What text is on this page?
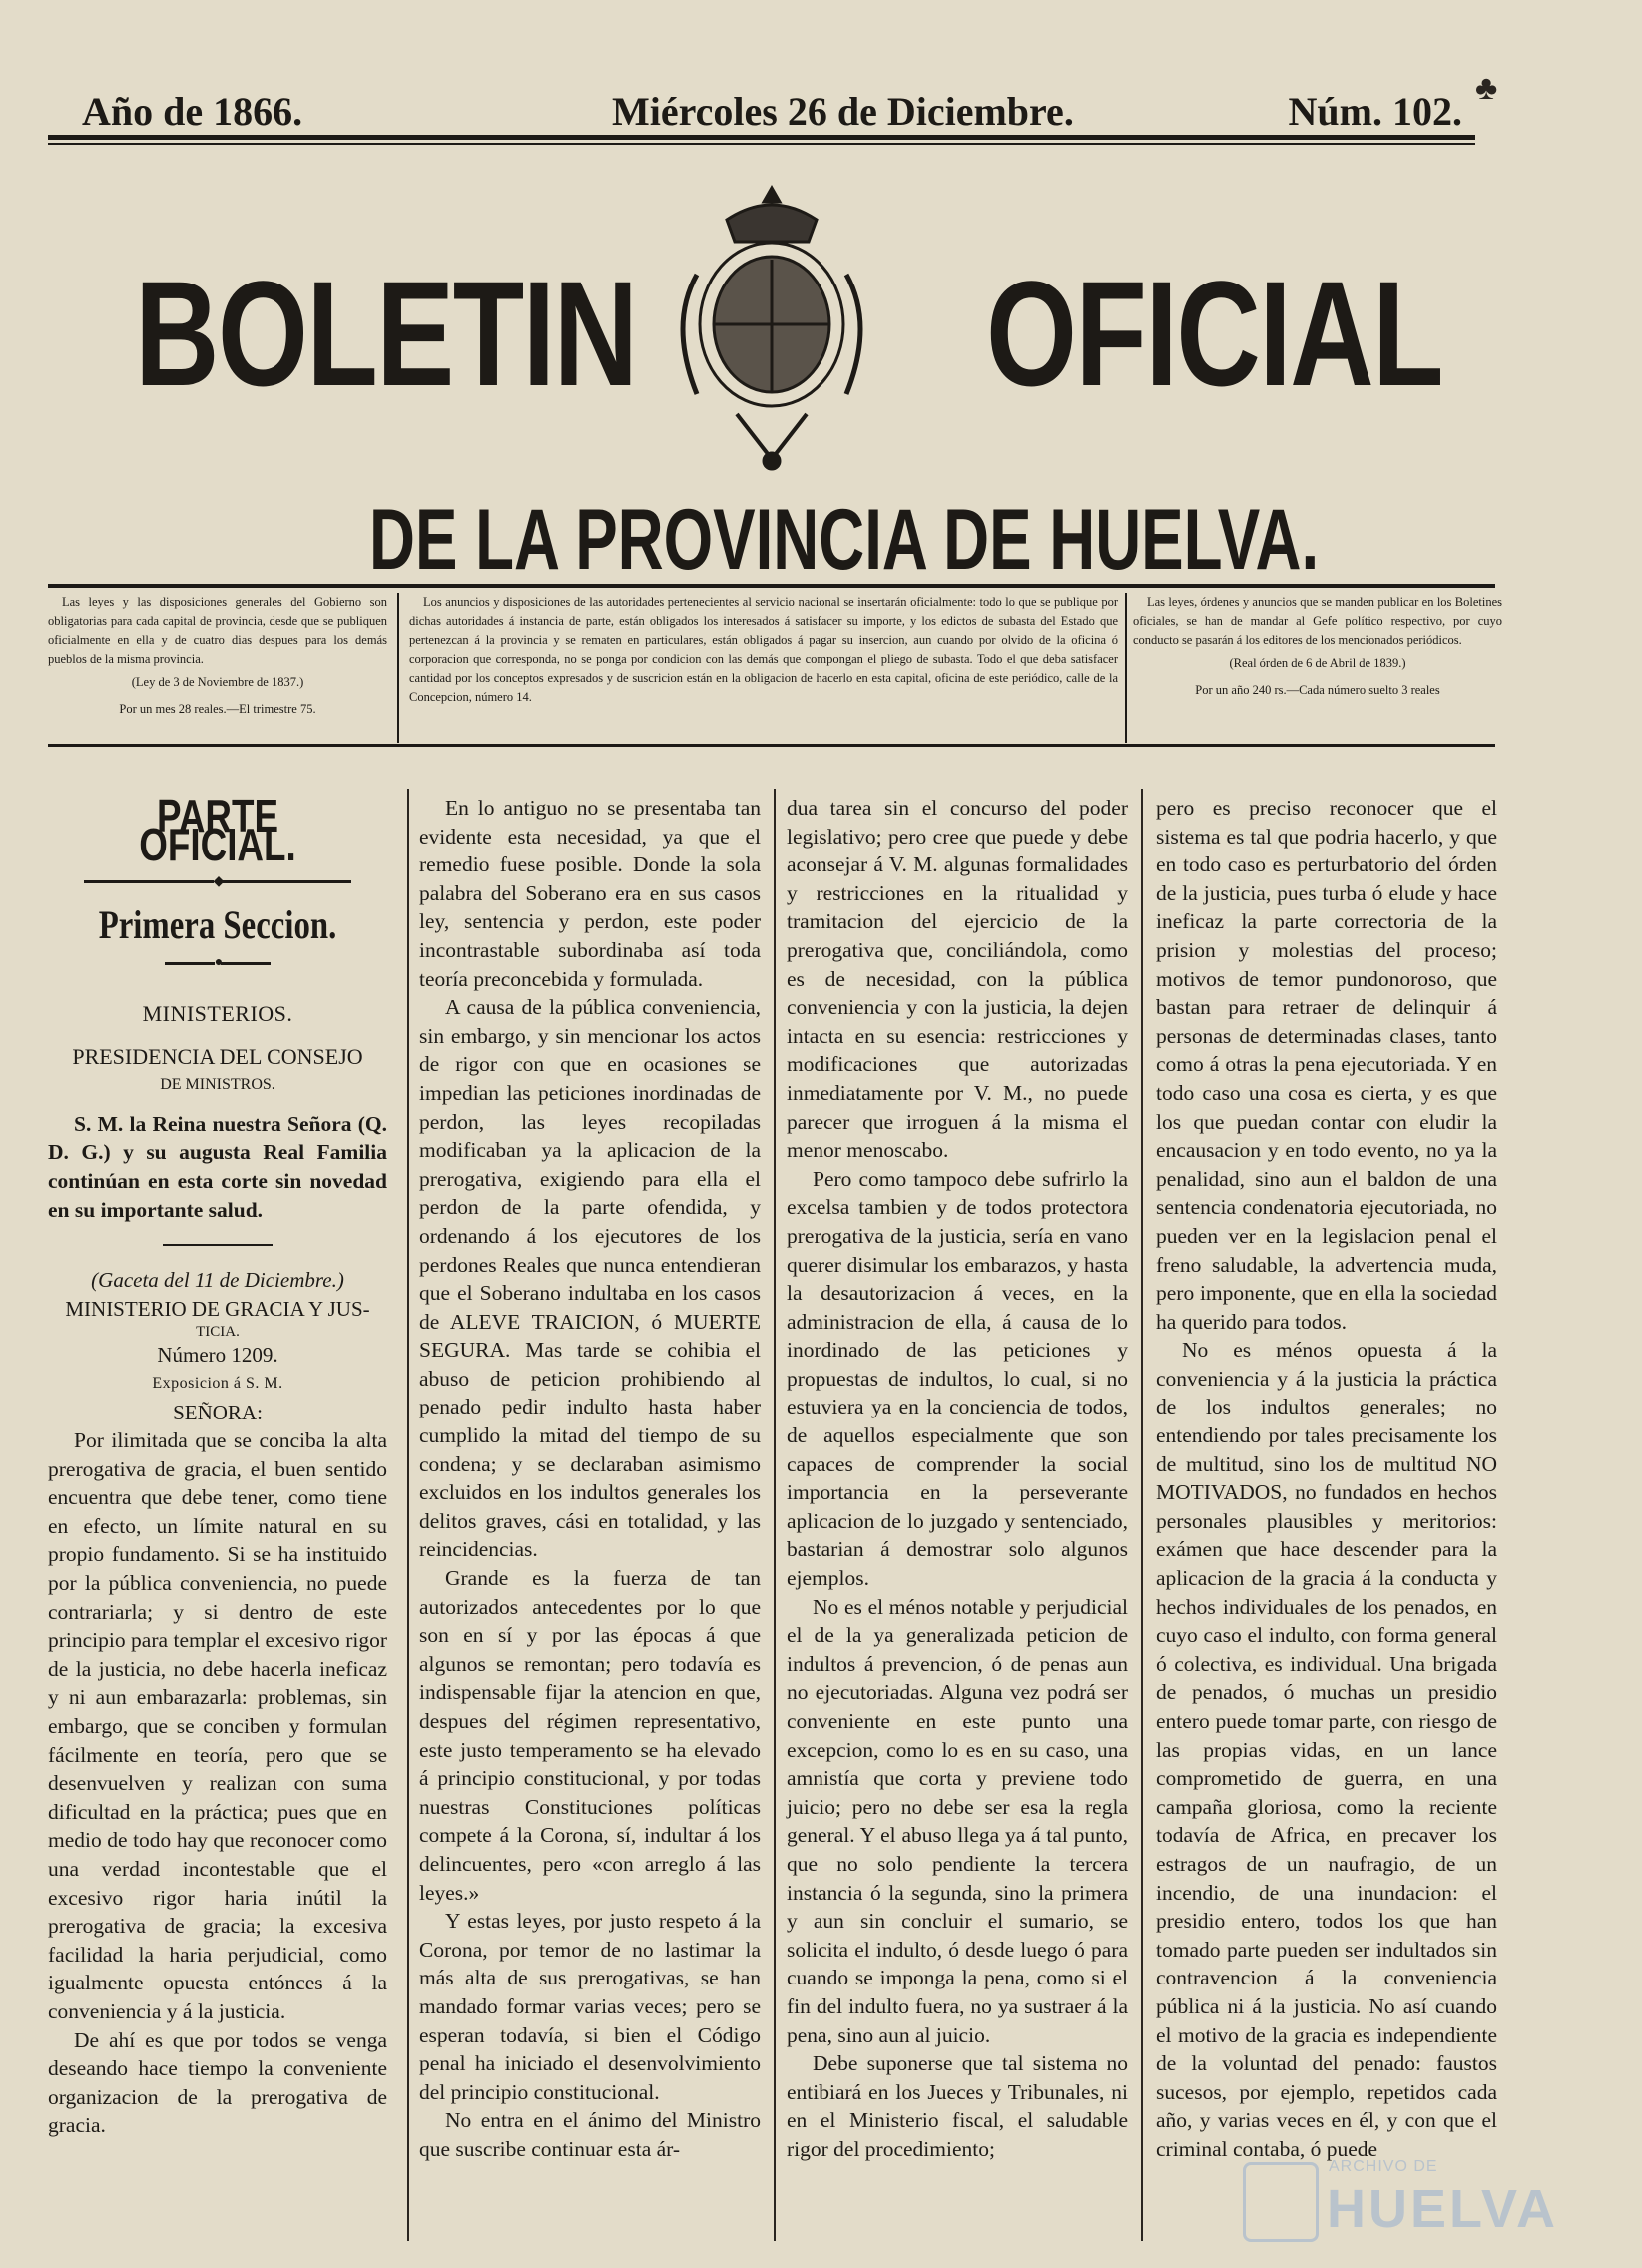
Año de 1866.	Miércoles 26 de Diciembre.	Núm. 102.
♣
BOLETIN OFICIAL
DE LA PROVINCIA DE HUELVA.

Las leyes y las disposiciones generales del Gobierno son obligatorias para cada capital de provincia, desde que se publiquen oficialmente en ella y de cuatro dias despues para los demás pueblos de la misma provincia.

(Ley de 3 de Noviembre de 1837.)

Por un mes 28 reales.—El trimestre 75.

Los anuncios y disposiciones de las autoridades pertenecientes al servicio nacional se insertarán oficialmente: todo lo que se publique por dichas autoridades á instancia de parte, están obligados los interesados á satisfacer su importe, y los edictos de subasta del Estado que pertenezcan á la provincia y se rematen en particulares, están obligados á pagar su insercion, aun cuando por olvido de la oficina ó corporacion que corresponda, no se ponga por condicion con las demás que compongan el pliego de subasta. Todo el que deba satisfacer cantidad por los conceptos expresados y de suscricion están en la obligacion de hacerlo en esta capital, oficina de este periódico, calle de la Concepcion, número 14.

Las leyes, órdenes y anuncios que se manden publicar en los Boletines oficiales, se han de mandar al Gefe político respectivo, por cuyo conducto se pasarán á los editores de los mencionados periódicos.

(Real órden de 6 de Abril de 1839.)

Por un año 240 rs.—Cada número suelto 3 reales

PARTE OFICIAL.
◆
Primera Seccion.
●
MINISTERIOS.

PRESIDENCIA DEL CONSEJO

DE MINISTROS.

S. M. la Reina nuestra Señora (Q. D. G.) y su augusta Real Familia continúan en esta corte sin novedad en su importante salud.

(Gaceta del 11 de Diciembre.)

MINISTERIO DE GRACIA Y JUS-
TICIA.

Número 1209.

Exposicion á S. M.

SEÑORA:

Por ilimitada que se conciba la alta prerogativa de gracia, el buen sentido encuentra que debe tener, como tiene en efecto, un límite natural en su propio fundamento. Si se ha instituido por la pública conveniencia, no puede contrariarla; y si dentro de este principio para templar el excesivo rigor de la justicia, no debe hacerla ineficaz y ni aun embarazarla: problemas, sin embargo, que se conciben y formulan fácilmente en teoría, pero que se desenvuelven y realizan con suma dificultad en la práctica; pues que en medio de todo hay que reconocer como una verdad incontestable que el excesivo rigor haria inútil la prerogativa de gracia; la excesiva facilidad la haria perjudicial, como igualmente opuesta entónces á la conveniencia y á la justicia.

De ahí es que por todos se venga deseando hace tiempo la conveniente organizacion de la prerogativa de gracia.

En lo antiguo no se presentaba tan evidente esta necesidad, ya que el remedio fuese posible. Donde la sola palabra del Soberano era en sus casos ley, sentencia y perdon, este poder incontrastable subordinaba así toda teoría preconcebida y formulada.

A causa de la pública conveniencia, sin embargo, y sin mencionar los actos de rigor con que en ocasiones se impedian las peticiones inordinadas de perdon, las leyes recopiladas modificaban ya la aplicacion de la prerogativa, exigiendo para ella el perdon de la parte ofendida, y ordenando á los ejecutores de los perdones Reales que nunca entendieran que el Soberano indultaba en los casos de ALEVE TRAICION, ó MUERTE SEGURA. Mas tarde se cohibia el abuso de peticion prohibiendo al penado pedir indulto hasta haber cumplido la mitad del tiempo de su condena; y se declaraban asimismo excluidos en los indultos generales los delitos graves, cási en totalidad, y las reincidencias.

Grande es la fuerza de tan autorizados antecedentes por lo que son en sí y por las épocas á que algunos se remontan; pero todavía es indispensable fijar la atencion en que, despues del régimen representativo, este justo temperamento se ha elevado á principio constitucional, y por todas nuestras Constituciones políticas compete á la Corona, sí, indultar á los delincuentes, pero «con arreglo á las leyes.»

Y estas leyes, por justo respeto á la Corona, por temor de no lastimar la más alta de sus prerogativas, se han mandado formar varias veces; pero se esperan todavía, si bien el Código penal ha iniciado el desenvolvimiento del principio constitucional.

No entra en el ánimo del Ministro que suscribe continuar esta ár-

dua tarea sin el concurso del poder legislativo; pero cree que puede y debe aconsejar á V. M. algunas formalidades y restricciones en la ritualidad y tramitacion del ejercicio de la prerogativa que, conciliándola, como es de necesidad, con la pública conveniencia y con la justicia, la dejen intacta en su esencia: restricciones y modificaciones que autorizadas inmediatamente por V. M., no puede parecer que irroguen á la misma el menor menoscabo.

Pero como tampoco debe sufrirlo la excelsa tambien y de todos protectora prerogativa de la justicia, sería en vano querer disimular los embarazos, y hasta la desautorizacion á veces, en la administracion de ella, á causa de lo inordinado de las peticiones y propuestas de indultos, lo cual, si no estuviera ya en la conciencia de todos, de aquellos especialmente que son capaces de comprender la social importancia en la perseverante aplicacion de lo juzgado y sentenciado, bastarian á demostrar solo algunos ejemplos.

No es el ménos notable y perjudicial el de la ya generalizada peticion de indultos á prevencion, ó de penas aun no ejecutoriadas. Alguna vez podrá ser conveniente en este punto una excepcion, como lo es en su caso, una amnistía que corta y previene todo juicio; pero no debe ser esa la regla general. Y el abuso llega ya á tal punto, que no solo pendiente la tercera instancia ó la segunda, sino la primera y aun sin concluir el sumario, se solicita el indulto, ó desde luego ó para cuando se imponga la pena, como si el fin del indulto fuera, no ya sustraer á la pena, sino aun al juicio.

Debe suponerse que tal sistema no entibiará en los Jueces y Tribunales, ni en el Ministerio fiscal, el saludable rigor del procedimiento;

pero es preciso reconocer que el sistema es tal que podria hacerlo, y que en todo caso es perturbatorio del órden de la justicia, pues turba ó elude y hace ineficaz la parte correctoria de la prision y molestias del proceso; motivos de temor pundonoroso, que bastan para retraer de delinquir á personas de determinadas clases, tanto como á otras la pena ejecutoriada. Y en todo caso una cosa es cierta, y es que los que puedan contar con eludir la encausacion y en todo evento, no ya la penalidad, sino aun el baldon de una sentencia condenatoria ejecutoriada, no pueden ver en la legislacion penal el freno saludable, la advertencia muda, pero imponente, que en ella la sociedad ha querido para todos.

No es ménos opuesta á la conveniencia y á la justicia la práctica de los indultos generales; no entendiendo por tales precisamente los de multitud, sino los de multitud NO MOTIVADOS, no fundados en hechos personales plausibles y meritorios: exámen que hace descender para la aplicacion de la gracia á la conducta y hechos individuales de los penados, en cuyo caso el indulto, con forma general ó colectiva, es individual. Una brigada de penados, ó muchas un presidio entero puede tomar parte, con riesgo de las propias vidas, en un lance comprometido de guerra, en una campaña gloriosa, como la reciente todavía de Africa, en precaver los estragos de un naufragio, de un incendio, de una inundacion: el presidio entero, todos los que han tomado parte pueden ser indultados sin contravencion á la conveniencia pública ni á la justicia. No así cuando el motivo de la gracia es independiente de la voluntad del penado: faustos sucesos, por ejemplo, repetidos cada año, y varias veces en él, y con que el criminal contaba, ó puede

ARCHIVO DE
HUELVA
